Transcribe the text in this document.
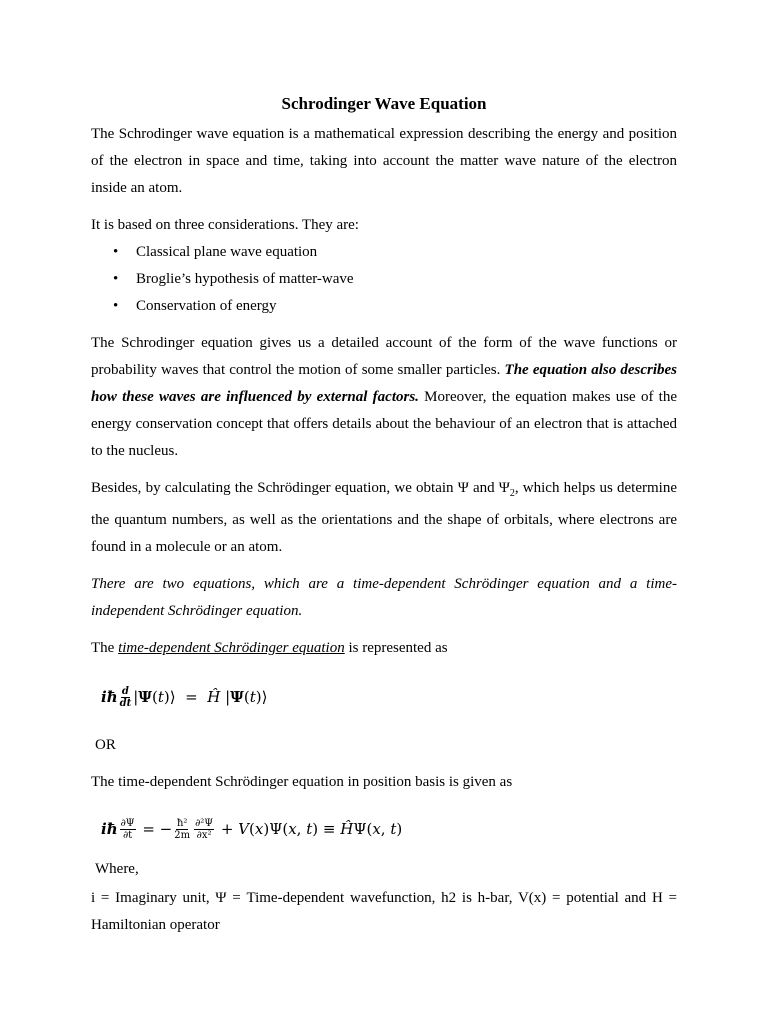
Schrodinger Wave Equation

The Schrodinger wave equation is a mathematical expression describing the energy and position of the electron in space and time, taking into account the matter wave nature of the electron inside an atom.

It is based on three considerations. They are:

• Classical plane wave equation
• Broglie’s hypothesis of matter-wave
• Conservation of energy

The Schrodinger equation gives us a detailed account of the form of the wave functions or probability waves that control the motion of some smaller particles. The equation also describes how these waves are influenced by external factors. Moreover, the equation makes use of the energy conservation concept that offers details about the behaviour of an electron that is attached to the nucleus.

Besides, by calculating the Schrödinger equation, we obtain Ψ and $\Psi_2$, which helps us determine the quantum numbers, as well as the orientations and the shape of orbitals, where electrons are found in a molecule or an atom.

There are two equations, which are a time-dependent Schrödinger equation and a time-independent Schrödinger equation.

The time-dependent Schrödinger equation is represented as

iħ $\frac{d}{dt}$ |Ψ(t)⟩  =  Ĥ |Ψ(t)⟩

OR

The time-dependent Schrödinger equation in position basis is given as

iħ $\frac{\partial\Psi}{\partial t}$ = − $\frac{\text{ħ²}}{2m} \frac{\text{∂²Ψ}}{\text{∂x²}} + V(x)\Psi(x$, t) ≡ ĤΨ(x, t)

Where,

i = Imaginary unit, Ψ = Time-dependent wavefunction, h2 is h-bar, V(x) = potential and H = Hamiltonian operator
